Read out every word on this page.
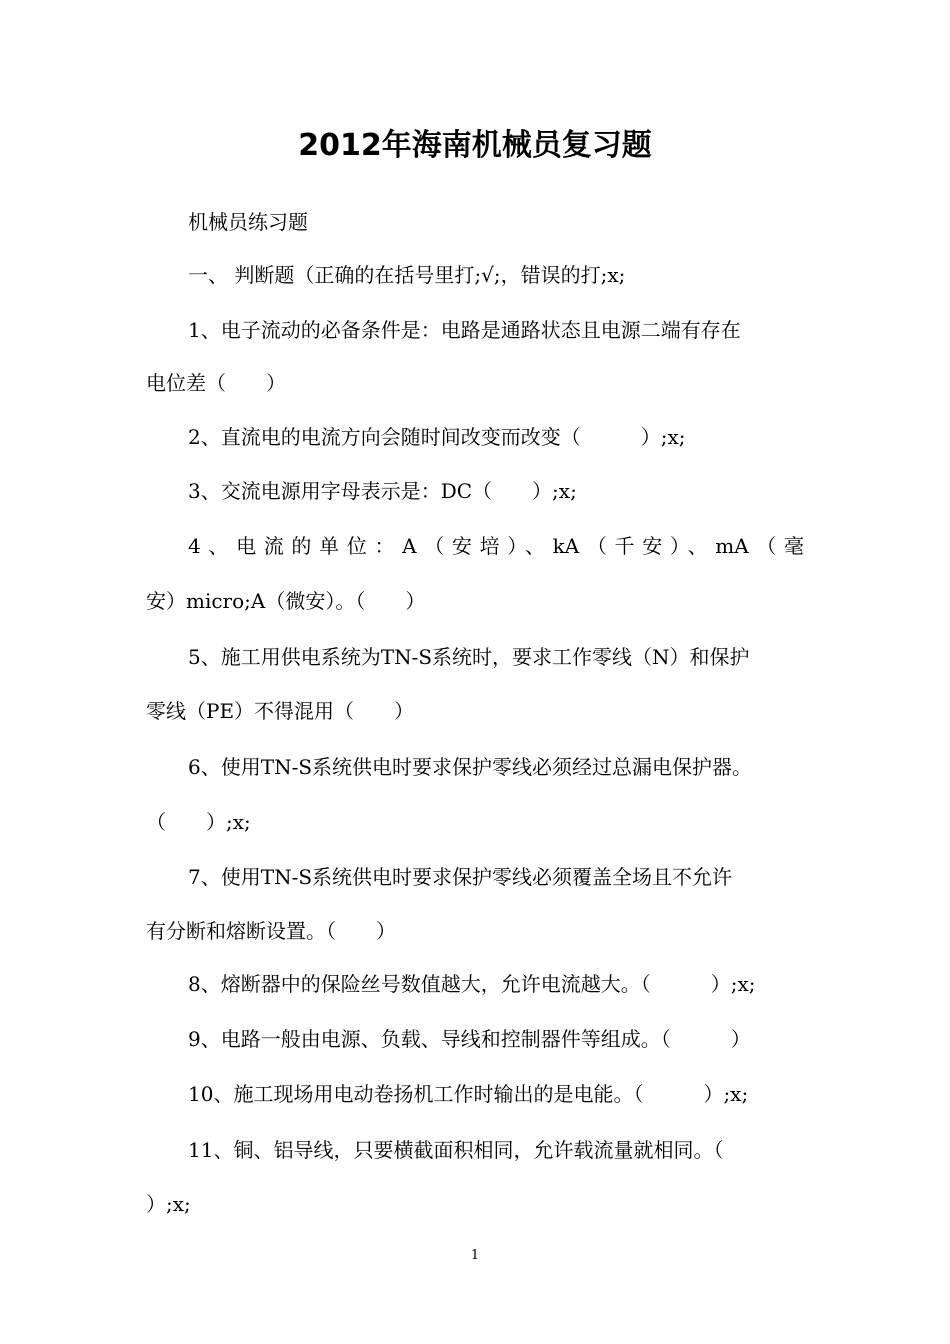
2012年海南机械员复习题
机械员练习题
一、 判断题（正确的在括号里打;√;，错误的打;x;
1、电子流动的必备条件是：电路是通路状态且电源二端有存在
电位差（　　）
2、直流电的电流方向会随时间改变而改变（　　　）;x;
3、交流电源用字母表示是：DC（　　）;x;
4、电流的单位：A（安培）、kA（千安）、mA（毫
安）micro;A（微安）。（　　）
5、施工用供电系统为TN-S系统时，要求工作零线（N）和保护
零线（PE）不得混用（　　）
6、使用TN-S系统供电时要求保护零线必须经过总漏电保护器。
（　　）;x;
7、使用TN-S系统供电时要求保护零线必须覆盖全场且不允许
有分断和熔断设置。（　　）
8、熔断器中的保险丝号数值越大，允许电流越大。（　　　）;x;
9、电路一般由电源、负载、导线和控制器件等组成。（　　　）
10、施工现场用电动卷扬机工作时输出的是电能。（　　　）;x;
11、铜、铝导线，只要横截面积相同，允许载流量就相同。（
）;x;
1
